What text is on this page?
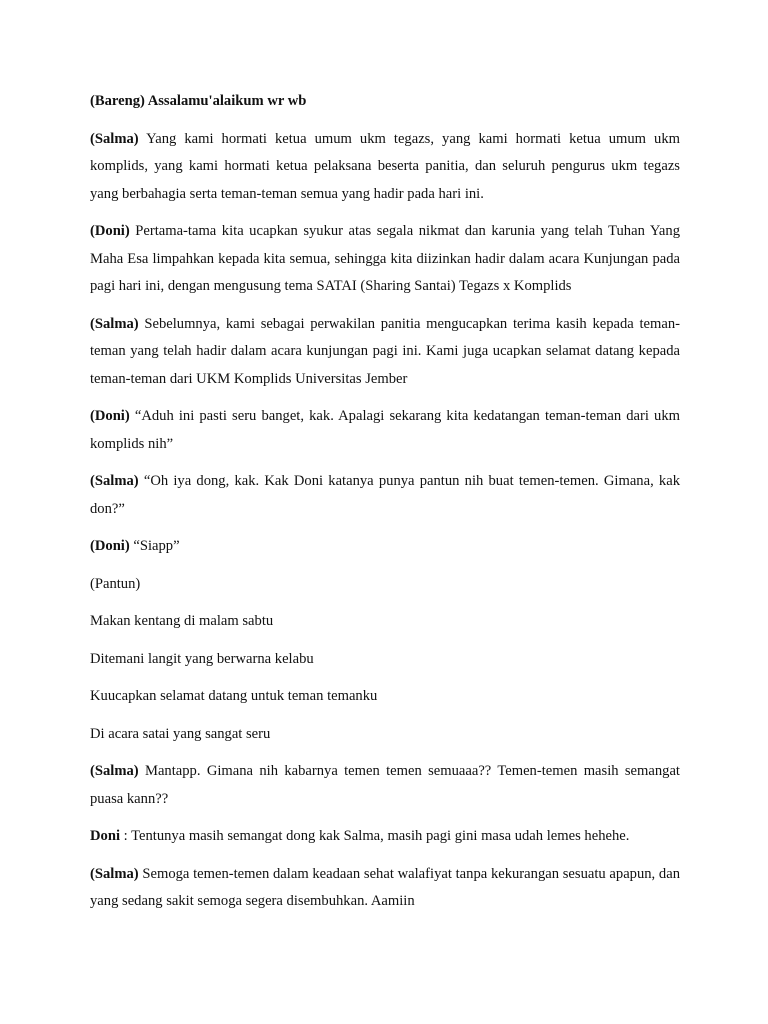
(Bareng) Assalamu'alaikum wr wb

(Salma) Yang kami hormati ketua umum ukm tegazs, yang kami hormati ketua umum ukm komplids, yang kami hormati ketua pelaksana beserta panitia, dan seluruh pengurus ukm tegazs yang berbahagia serta teman-teman semua yang hadir pada hari ini.

(Doni) Pertama-tama kita ucapkan syukur atas segala nikmat dan karunia yang telah Tuhan Yang Maha Esa limpahkan kepada kita semua, sehingga kita diizinkan hadir dalam acara Kunjungan pada pagi hari ini, dengan mengusung tema SATAI (Sharing Santai) Tegazs x Komplids

(Salma) Sebelumnya, kami sebagai perwakilan panitia mengucapkan terima kasih kepada teman-teman yang telah hadir dalam acara kunjungan pagi ini. Kami juga ucapkan selamat datang kepada teman-teman dari UKM Komplids Universitas Jember

(Doni) “Aduh ini pasti seru banget, kak. Apalagi sekarang kita kedatangan teman-teman dari ukm komplids nih”

(Salma) “Oh iya dong, kak. Kak Doni katanya punya pantun nih buat temen-temen. Gimana, kak don?”

(Doni) “Siapp”

(Pantun)

Makan kentang di malam sabtu

Ditemani langit yang berwarna kelabu

Kuucapkan selamat datang untuk teman temanku

Di acara satai yang sangat seru

(Salma) Mantapp. Gimana nih kabarnya temen temen semuaaa?? Temen-temen masih semangat puasa kann??

Doni : Tentunya masih semangat dong kak Salma, masih pagi gini masa udah lemes hehehe.

(Salma) Semoga temen-temen dalam keadaan sehat walafiyat tanpa kekurangan sesuatu apapun, dan yang sedang sakit semoga segera disembuhkan. Aamiin
